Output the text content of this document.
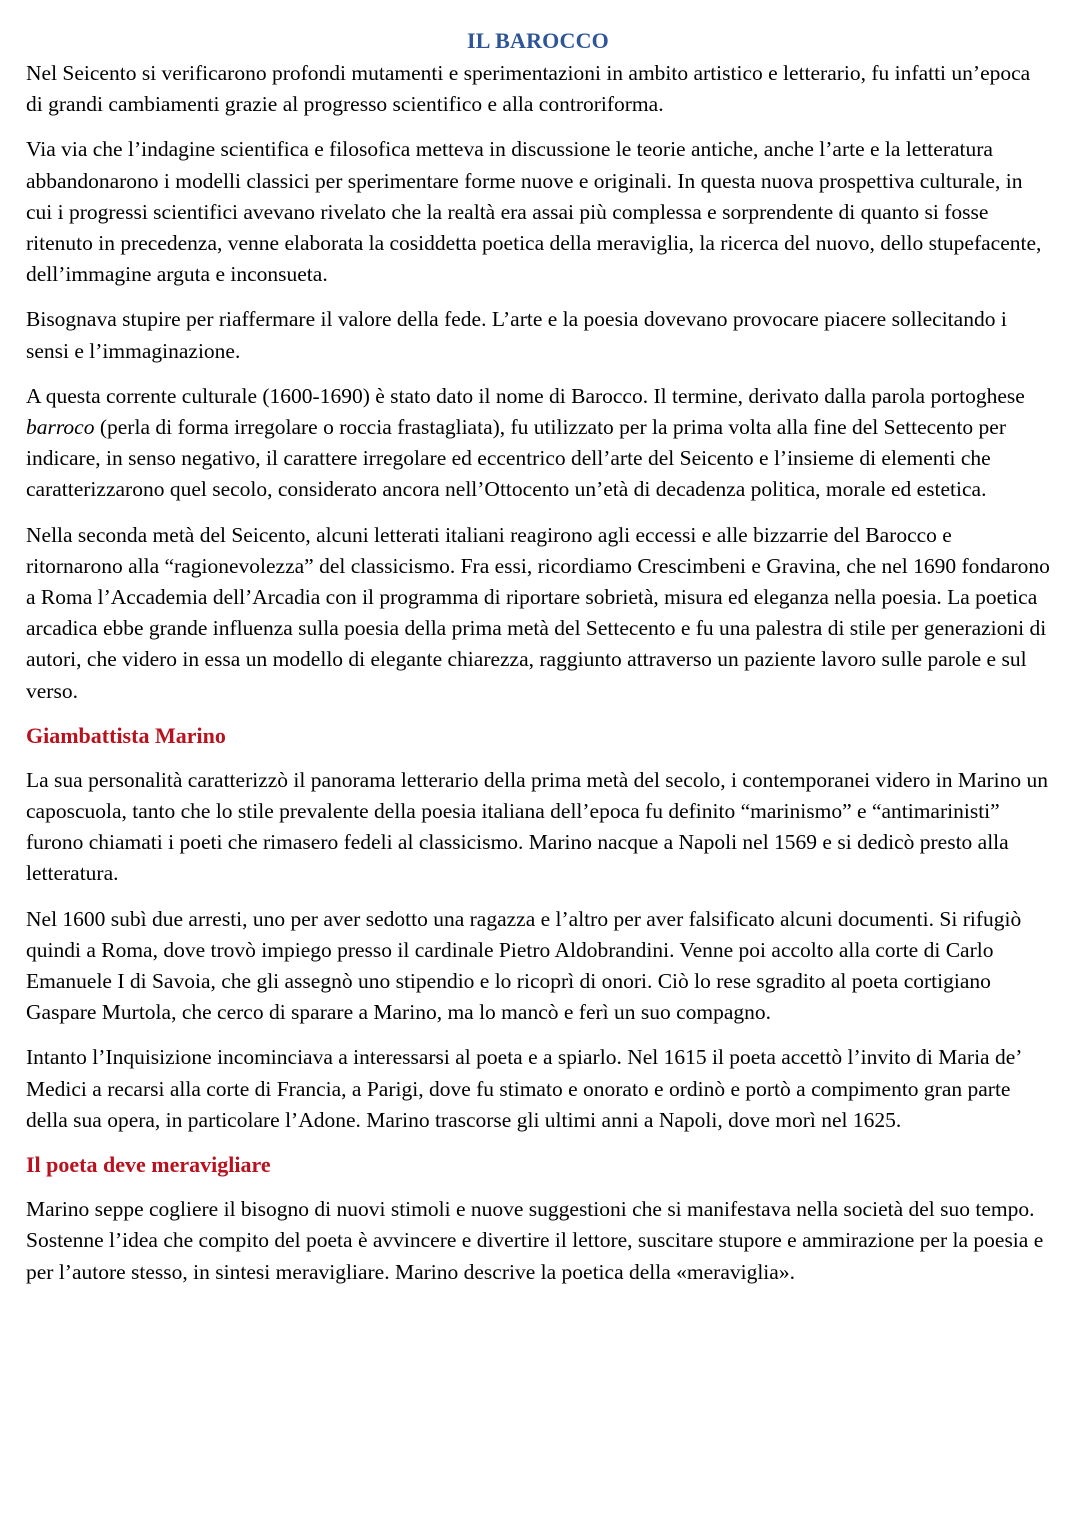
IL BAROCCO

Nel Seicento si verificarono profondi mutamenti e sperimentazioni in ambito artistico e letterario, fu infatti un’epoca di grandi cambiamenti grazie al progresso scientifico e alla controriforma.

Via via che l’indagine scientifica e filosofica metteva in discussione le teorie antiche, anche l’arte e la letteratura abbandonarono i modelli classici per sperimentare forme nuove e originali. In questa nuova prospettiva culturale, in cui i progressi scientifici avevano rivelato che la realtà era assai più complessa e sorprendente di quanto si fosse ritenuto in precedenza, venne elaborata la cosiddetta poetica della meraviglia, la ricerca del nuovo, dello stupefacente, dell’immagine arguta e inconsueta.

Bisognava stupire per riaffermare il valore della fede. L’arte e la poesia dovevano provocare piacere sollecitando i sensi e l’immaginazione.

A questa corrente culturale (1600-1690) è stato dato il nome di Barocco. Il termine, derivato dalla parola portoghese barroco (perla di forma irregolare o roccia frastagliata), fu utilizzato per la prima volta alla fine del Settecento per indicare, in senso negativo, il carattere irregolare ed eccentrico dell’arte del Seicento e l’insieme di elementi che caratterizzarono quel secolo, considerato ancora nell’Ottocento un’età di decadenza politica, morale ed estetica.

Nella seconda metà del Seicento, alcuni letterati italiani reagirono agli eccessi e alle bizzarrie del Barocco e ritornarono alla “ragionevolezza” del classicismo. Fra essi, ricordiamo Crescimbeni e Gravina, che nel 1690 fondarono a Roma l’Accademia dell’Arcadia con il programma di riportare sobrietà, misura ed eleganza nella poesia. La poetica arcadica ebbe grande influenza sulla poesia della prima metà del Settecento e fu una palestra di stile per generazioni di autori, che videro in essa un modello di elegante chiarezza, raggiunto attraverso un paziente lavoro sulle parole e sul verso.

Giambattista Marino

La sua personalità caratterizzò il panorama letterario della prima metà del secolo, i contemporanei videro in Marino un caposcuola, tanto che lo stile prevalente della poesia italiana dell’epoca fu definito “marinismo” e “antimarinisti” furono chiamati i poeti che rimasero fedeli al classicismo. Marino nacque a Napoli nel 1569 e si dedicò presto alla letteratura.

Nel 1600 subì due arresti, uno per aver sedotto una ragazza e l’altro per aver falsificato alcuni documenti. Si rifugiò quindi a Roma, dove trovò impiego presso il cardinale Pietro Aldobrandini. Venne poi accolto alla corte di Carlo Emanuele I di Savoia, che gli assegnò uno stipendio e lo ricoprì di onori. Ciò lo rese sgradito al poeta cortigiano Gaspare Murtola, che cerco di sparare a Marino, ma lo mancò e ferì un suo compagno.

Intanto l’Inquisizione incominciava a interessarsi al poeta e a spiarlo. Nel 1615 il poeta accettò l’invito di Maria de’ Medici a recarsi alla corte di Francia, a Parigi, dove fu stimato e onorato e ordinò e portò a compimento gran parte della sua opera, in particolare l’Adone. Marino trascorse gli ultimi anni a Napoli, dove morì nel 1625.

Il poeta deve meravigliare

Marino seppe cogliere il bisogno di nuovi stimoli e nuove suggestioni che si manifestava nella società del suo tempo. Sostenne l’idea che compito del poeta è avvincere e divertire il lettore, suscitare stupore e ammirazione per la poesia e per l’autore stesso, in sintesi meravigliare. Marino descrive la poetica della «meraviglia».
